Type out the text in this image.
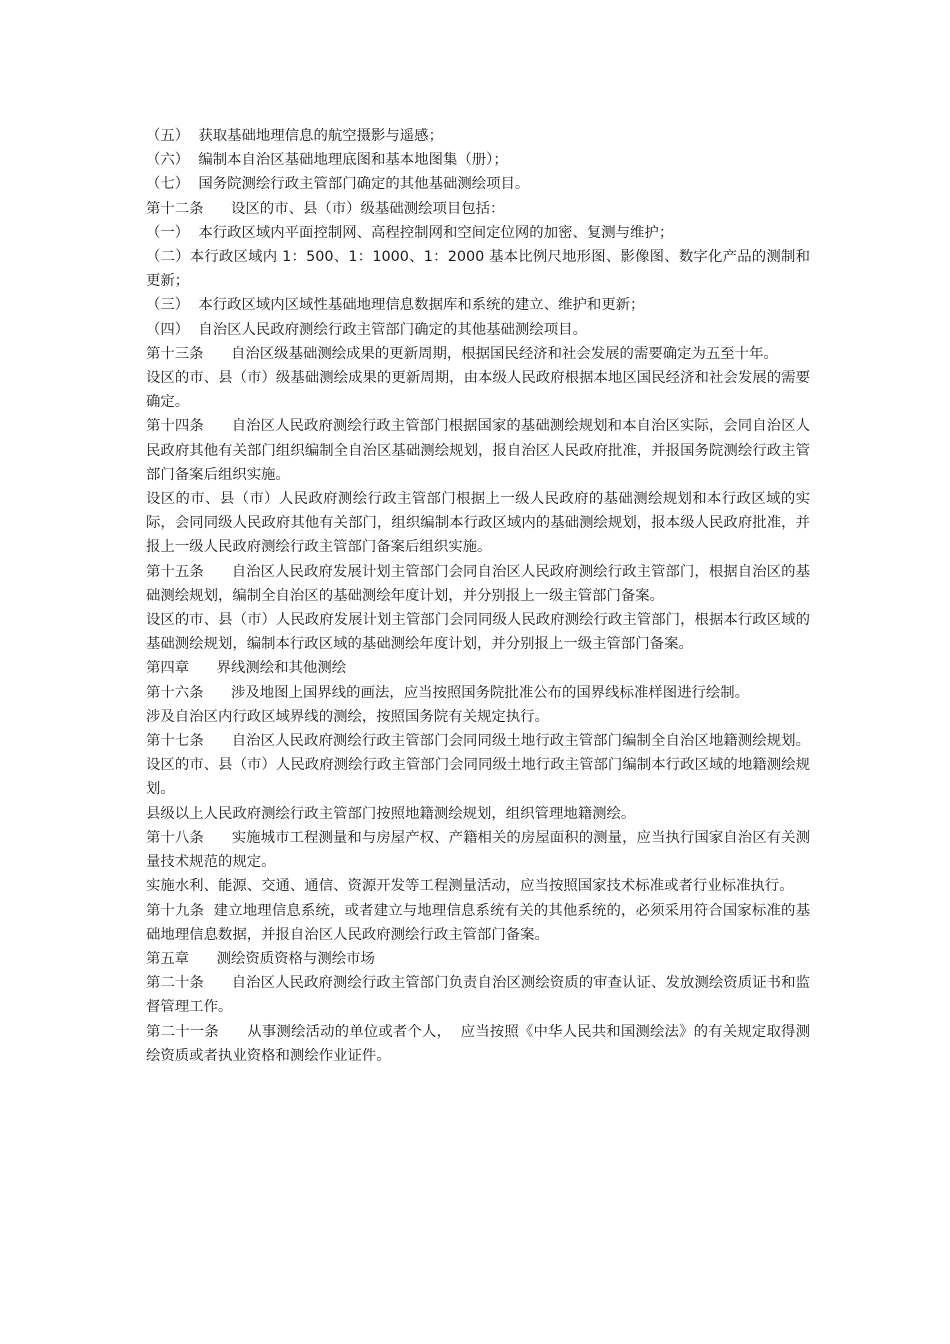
（五）  获取基础地理信息的航空摄影与遥感；

（六）  编制本自治区基础地理底图和基本地图集（册）；

（七）  国务院测绘行政主管部门确定的其他基础测绘项目。

第十二条      设区的市、县（市）级基础测绘项目包括：

（一）  本行政区域内平面控制网、高程控制网和空间定位网的加密、复测与维护；

（二）本行政区域内 1：500、1：1000、1：2000 基本比例尺地形图、影像图、数字化产品的测制和更新；

（三）  本行政区域内区域性基础地理信息数据库和系统的建立、维护和更新；

（四）  自治区人民政府测绘行政主管部门确定的其他基础测绘项目。

第十三条      自治区级基础测绘成果的更新周期，根据国民经济和社会发展的需要确定为五至十年。

设区的市、县（市）级基础测绘成果的更新周期，由本级人民政府根据本地区国民经济和社会发展的需要确定。

第十四条      自治区人民政府测绘行政主管部门根据国家的基础测绘规划和本自治区实际，会同自治区人民政府其他有关部门组织编制全自治区基础测绘规划，报自治区人民政府批准，并报国务院测绘行政主管部门备案后组织实施。

设区的市、县（市）人民政府测绘行政主管部门根据上一级人民政府的基础测绘规划和本行政区域的实际，会同同级人民政府其他有关部门，组织编制本行政区域内的基础测绘规划，报本级人民政府批准，并报上一级人民政府测绘行政主管部门备案后组织实施。

第十五条      自治区人民政府发展计划主管部门会同自治区人民政府测绘行政主管部门，根据自治区的基础测绘规划，编制全自治区的基础测绘年度计划，并分别报上一级主管部门备案。

设区的市、县（市）人民政府发展计划主管部门会同同级人民政府测绘行政主管部门，根据本行政区域的基础测绘规划，编制本行政区域的基础测绘年度计划，并分别报上一级主管部门备案。

第四章      界线测绘和其他测绘

第十六条      涉及地图上国界线的画法，应当按照国务院批准公布的国界线标准样图进行绘制。

涉及自治区内行政区域界线的测绘，按照国务院有关规定执行。

第十七条      自治区人民政府测绘行政主管部门会同同级土地行政主管部门编制全自治区地籍测绘规划。设区的市、县（市）人民政府测绘行政主管部门会同同级土地行政主管部门编制本行政区域的地籍测绘规划。

县级以上人民政府测绘行政主管部门按照地籍测绘规划，组织管理地籍测绘。

第十八条      实施城市工程测量和与房屋产权、产籍相关的房屋面积的测量，应当执行国家自治区有关测量技术规范的规定。

实施水利、能源、交通、通信、资源开发等工程测量活动，应当按照国家技术标准或者行业标准执行。

第十九条  建立地理信息系统，或者建立与地理信息系统有关的其他系统的，必须采用符合国家标准的基础地理信息数据，并报自治区人民政府测绘行政主管部门备案。

第五章      测绘资质资格与测绘市场

第二十条      自治区人民政府测绘行政主管部门负责自治区测绘资质的审查认证、发放测绘资质证书和监督管理工作。

第二十一条      从事测绘活动的单位或者个人，  应当按照《中华人民共和国测绘法》的有关规定取得测绘资质或者执业资格和测绘作业证件。
